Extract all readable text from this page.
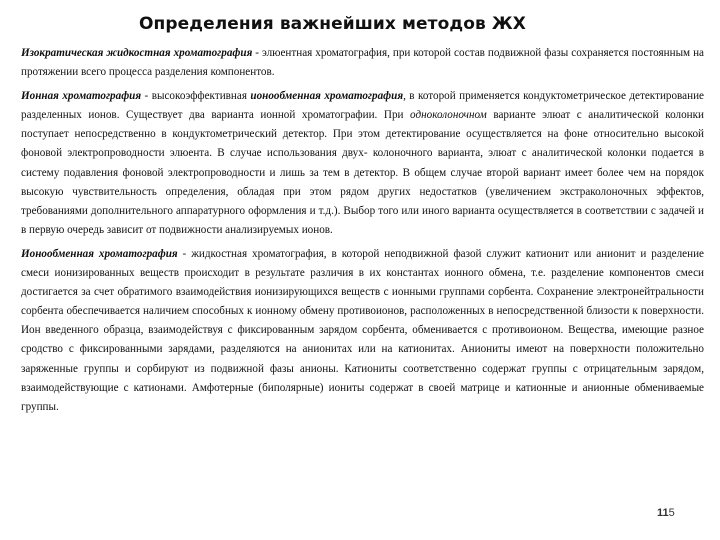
Определения важнейших методов ЖХ

Изократическая жидкостная хроматография - элюентная хроматография, при которой состав подвижной фазы сохраняется постоянным на протяжении всего процесса разделения компонентов.

Ионная хроматография - высокоэффективная ионообменная хроматография, в которой применяется кондуктометрическое детектирование разделенных ионов. Существует два варианта ионной хроматографии. При одноколоночном варианте элюат с аналитической колонки поступает непосредственно в кондуктометрический детектор. При этом детектирование осуществляется на фоне относительно высокой фоновой электропроводности элюента. В случае использования двух- колоночного варианта, элюат с аналитической колонки подается в систему подавления фоновой электропроводности и лишь за тем в детектор. В общем случае второй вариант имеет более чем на порядок высокую чувствительность определения, обладая при этом рядом других недостатков (увеличением экстраколоночных эффектов, требованиями дополнительного аппаратурного оформления и т.д.). Выбор того или иного варианта осуществляется в соответствии с задачей и в первую очередь зависит от подвижности анализируемых ионов.

Ионообменная хроматография - жидкостная хроматография, в которой неподвижной фазой служит катионит или анионит и разделение смеси ионизированных веществ происходит в результате различия в их константах ионного обмена, т.е. разделение компонентов смеси достигается за счет обратимого взаимодействия ионизирующихся веществ с ионными группами сорбента. Сохранение электронейтральности сорбента обеспечивается наличием способных к ионному обмену противоионов, расположенных в непосредственной близости к поверхности. Ион введенного образца, взаимодействуя с фиксированным зарядом сорбента, обменивается с противоионом. Вещества, имеющие разное сродство с фиксированными зарядами, разделяются на анионитах или на катионитах. Аниониты имеют на поверхности положительно заряженные группы и сорбируют из подвижной фазы анионы. Катиониты соответственно содержат группы с отрицательным зарядом, взаимодействующие с катионами. Амфотерные (биполярные) иониты содержат в своей матрице и катионные и анионные обмениваемые группы.

115
